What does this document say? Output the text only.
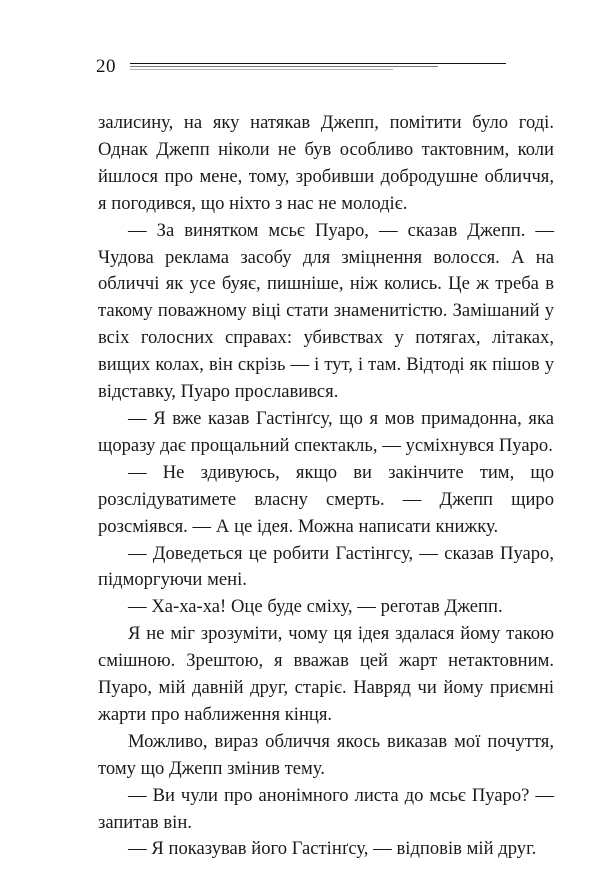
20

залисину, на яку натякав Джепп, помітити було годі. Однак Джепп ніколи не був особливо тактовним, коли йшлося про мене, тому, зробивши добродушне обличчя, я погодився, що ніхто з нас не молодіє.

— За винятком мсьє Пуаро, — сказав Джепп. — Чудова реклама засобу для зміцнення волосся. А на обличчі як усе буяє, пишніше, ніж колись. Це ж треба в такому поважному віці стати знаменитістю. Замішаний у всіх голосних справах: убивствах у потягах, літаках, вищих колах, він скрізь — і тут, і там. Відтоді як пішов у відставку, Пуаро прославився.

— Я вже казав Гастінґсу, що я мов примадонна, яка щоразу дає прощальний спектакль, — усміхнувся Пуаро.

— Не здивуюсь, якщо ви закінчите тим, що розслідуватимете власну смерть. — Джепп щиро розсміявся. — А це ідея. Можна написати книжку.

— Доведеться це робити Гастінгсу, — сказав Пуаро, підморгуючи мені.

— Ха-ха-ха! Оце буде сміху, — реготав Джепп.

Я не міг зрозуміти, чому ця ідея здалася йому такою смішною. Зрештою, я вважав цей жарт нетактовним. Пуаро, мій давній друг, старіє. Навряд чи йому приємні жарти про наближення кінця.

Можливо, вираз обличчя якось виказав мої почуття, тому що Джепп змінив тему.

— Ви чули про анонімного листа до мсьє Пуаро? — запитав він.

— Я показував його Гастінґсу, — відповів мій друг.
